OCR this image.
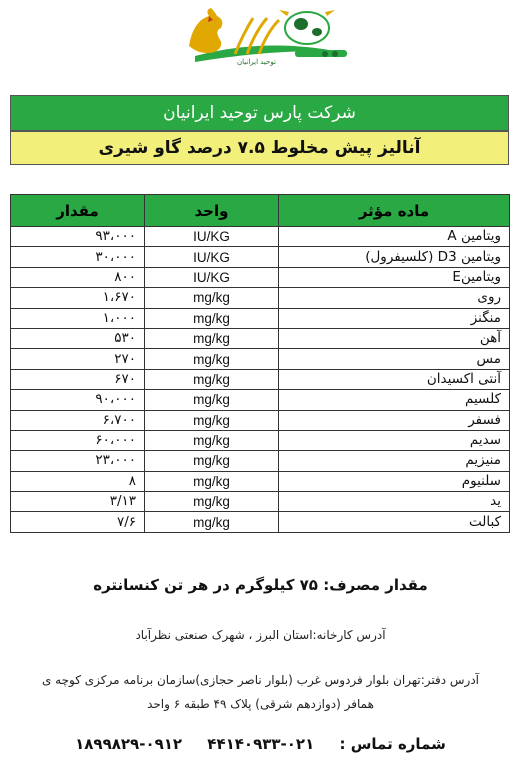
توحید ایرانیان
شرکت پارس توحید ایرانیان
آنالیز پیش مخلوط ۷.۵ درصد گاو شیری
ماده مؤثر	واحد	مقدار
ویتامین A	IU/KG	۹۳،۰۰۰
ویتامین D3 (کلسیفرول)	IU/KG	۳۰،۰۰۰
ویتامینE	IU/KG	۸۰۰
روی	mg/kg	۱،۶۷۰
منگنز	mg/kg	۱،۰۰۰
آهن	mg/kg	۵۳۰
مس	mg/kg	۲۷۰
آنتی اکسیدان	mg/kg	۶۷۰
کلسیم	mg/kg	۹۰،۰۰۰
فسفر	mg/kg	۶،۷۰۰
سدیم	mg/kg	۶۰،۰۰۰
منیزیم	mg/kg	۲۳،۰۰۰
سلنیوم	mg/kg	۸
ید	mg/kg	۳/۱۳
کبالت	mg/kg	۷/۶
مقدار مصرف: ۷۵ کیلوگرم در هر تن کنسانتره
آدرس کارخانه:استان البرز ، شهرک صنعتی نظرآباد
آدرس دفتر:تهران بلوار فردوس غرب (بلوار ناصر حجازی)سازمان برنامه مرکزی کوچه ی همافر (دوازدهم شرقی) پلاک ۴۹ طبقه ۶ واحد
شماره تماس : ۰۲۱-۴۴۱۴۰۹۳۳ ۰۹۱۲-۱۸۹۹۸۲۹
